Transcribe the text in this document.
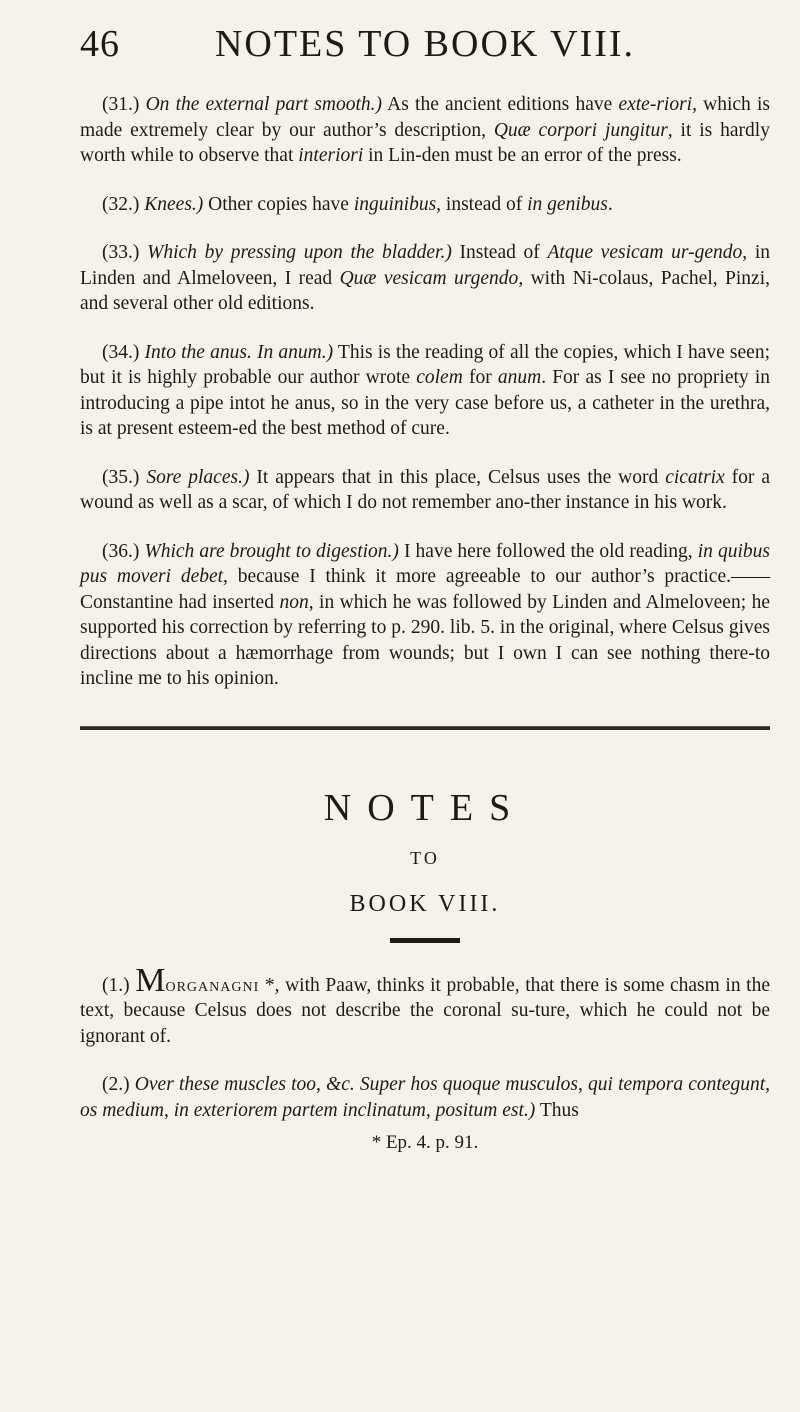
46	NOTES TO BOOK VIII.

(31.) On the external part smooth.) As the ancient editions have exte-riori, which is made extremely clear by our author’s description, Quæ corpori jungitur, it is hardly worth while to observe that interiori in Lin-den must be an error of the press.

(32.) Knees.) Other copies have inguinibus, instead of in genibus.

(33.) Which by pressing upon the bladder.) Instead of Atque vesicam ur-gendo, in Linden and Almeloveen, I read Quæ vesicam urgendo, with Ni-colaus, Pachel, Pinzi, and several other old editions.

(34.) Into the anus. In anum.) This is the reading of all the copies, which I have seen; but it is highly probable our author wrote colem for anum. For as I see no propriety in introducing a pipe intot he anus, so in the very case before us, a catheter in the urethra, is at present esteem-ed the best method of cure.

(35.) Sore places.) It appears that in this place, Celsus uses the word cicatrix for a wound as well as a scar, of which I do not remember ano-ther instance in his work.

(36.) Which are brought to digestion.) I have here followed the old reading, in quibus pus moveri debet, because I think it more agreeable to our author’s practice.——Constantine had inserted non, in which he was followed by Linden and Almeloveen; he supported his correction by referring to p. 290. lib. 5. in the original, where Celsus gives directions about a hæmorrhage from wounds; but I own I can see nothing there-to incline me to his opinion.

NOTES
TO
BOOK VIII.

(1.) Morganagni *, with Paaw, thinks it probable, that there is some chasm in the text, because Celsus does not describe the coronal su-ture, which he could not be ignorant of.

(2.) Over these muscles too, &c. Super hos quoque musculos, qui tempora contegunt, os medium, in exteriorem partem inclinatum, positum est.) Thus

* Ep. 4. p. 91.
